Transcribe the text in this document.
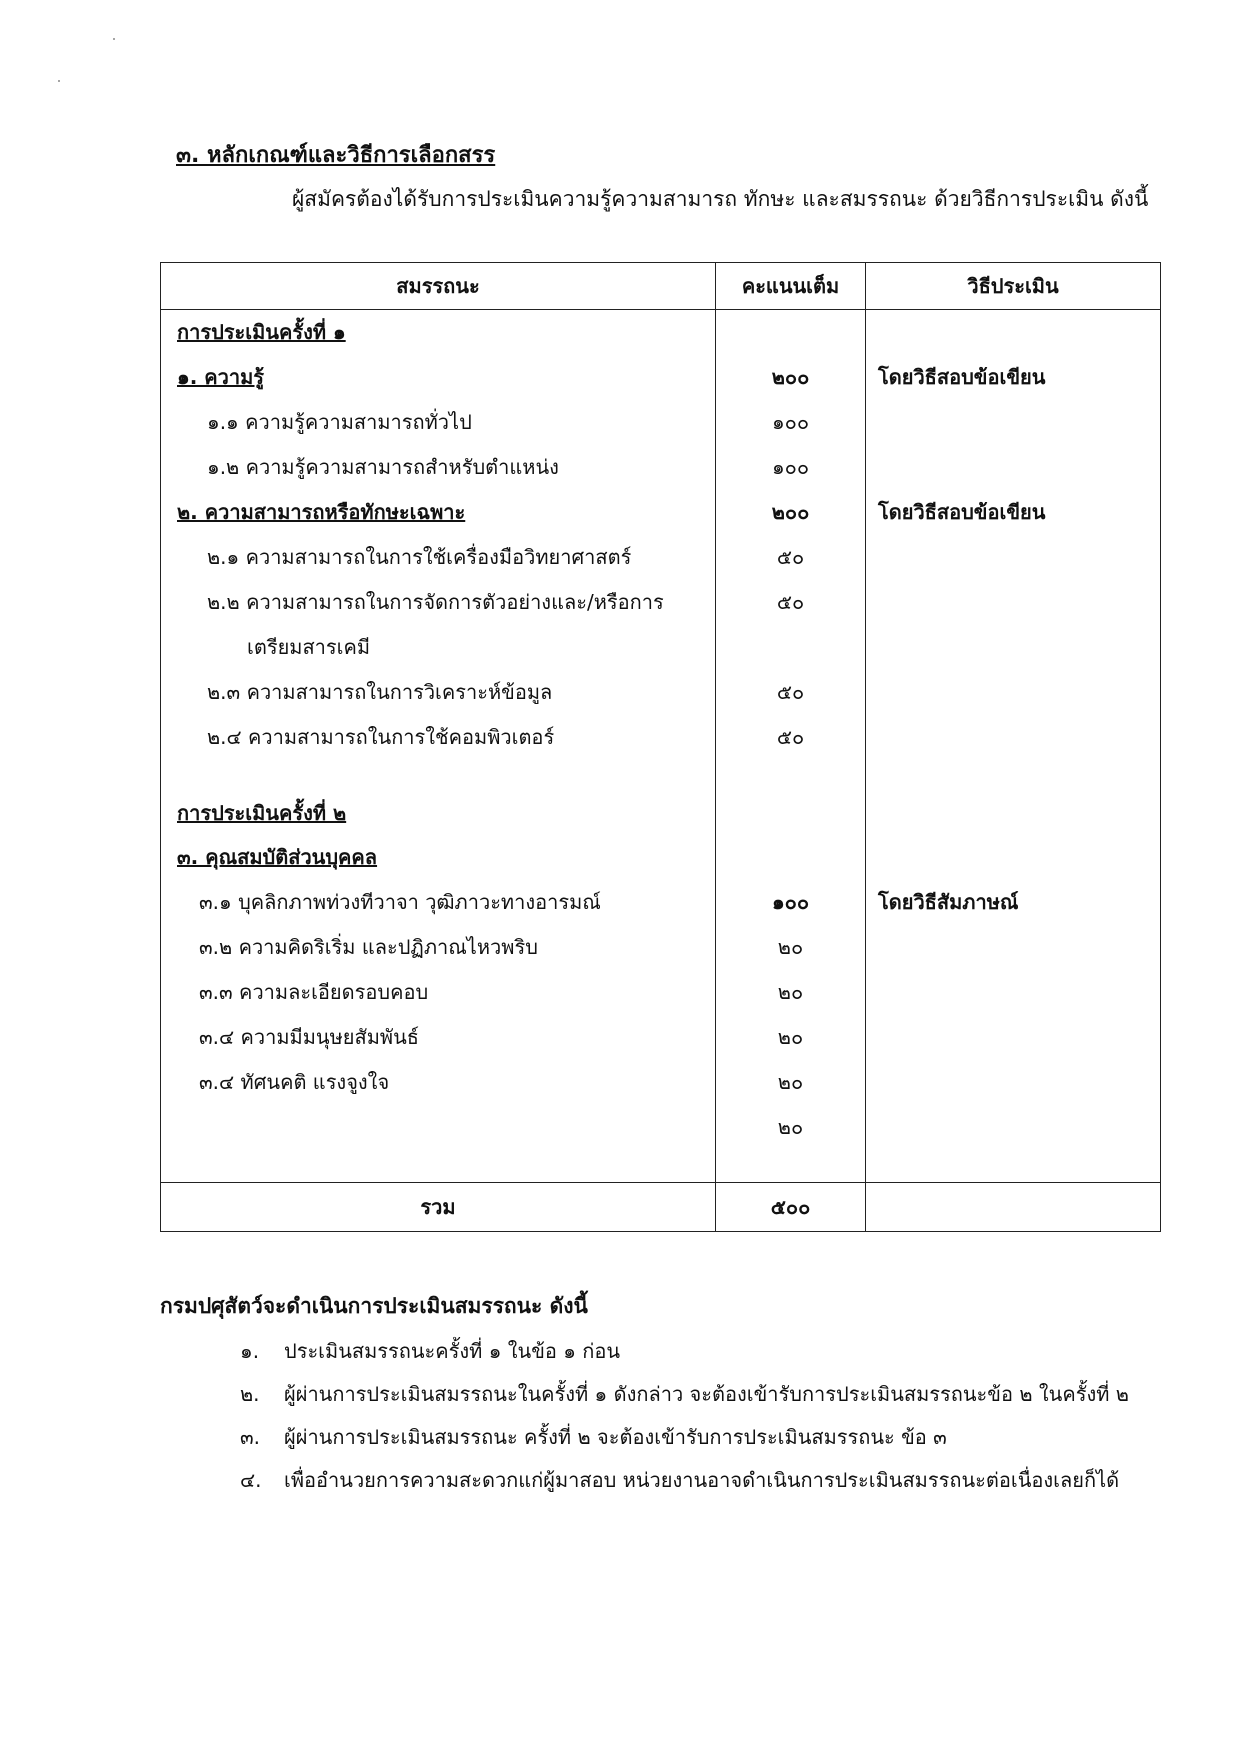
๓. หลักเกณฑ์และวิธีการเลือกสรร
ผู้สมัครต้องได้รับการประเมินความรู้ความสามารถ ทักษะ และสมรรถนะ ด้วยวิธีการประเมิน ดังนี้
สมรรถนะ	คะแนนเต็ม	วิธีประเมิน
การประเมินครั้งที่ ๑		
๑. ความรู้	๒๐๐	โดยวิธีสอบข้อเขียน
๑.๑ ความรู้ความสามารถทั่วไป	๑๐๐	
๑.๒ ความรู้ความสามารถสำหรับตำแหน่ง	๑๐๐	
๒. ความสามารถหรือทักษะเฉพาะ	๒๐๐	โดยวิธีสอบข้อเขียน
๒.๑ ความสามารถในการใช้เครื่องมือวิทยาศาสตร์	๕๐	
๒.๒ ความสามารถในการจัดการตัวอย่างและ/หรือการ	๕๐	
เตรียมสารเคมี		
๒.๓ ความสามารถในการวิเคราะห์ข้อมูล	๕๐	
๒.๔ ความสามารถในการใช้คอมพิวเตอร์	๕๐	

การประเมินครั้งที่ ๒		
๓. คุณสมบัติส่วนบุคคล		
๓.๑ บุคลิกภาพท่วงทีวาจา วุฒิภาวะทางอารมณ์	๑๐๐	โดยวิธีสัมภาษณ์
๓.๒ ความคิดริเริ่ม และปฏิภาณไหวพริบ	๒๐	
๓.๓ ความละเอียดรอบคอบ	๒๐	
๓.๔ ความมีมนุษยสัมพันธ์	๒๐	
๓.๔ ทัศนคติ แรงจูงใจ	๒๐	
	๒๐	

รวม	๕๐๐	
กรมปศุสัตว์จะดำเนินการประเมินสมรรถนะ ดังนี้
๑. ประเมินสมรรถนะครั้งที่ ๑ ในข้อ ๑ ก่อน
๒. ผู้ผ่านการประเมินสมรรถนะในครั้งที่ ๑ ดังกล่าว จะต้องเข้ารับการประเมินสมรรถนะข้อ ๒ ในครั้งที่ ๒
๓. ผู้ผ่านการประเมินสมรรถนะ ครั้งที่ ๒ จะต้องเข้ารับการประเมินสมรรถนะ ข้อ ๓
๔. เพื่ออำนวยการความสะดวกแก่ผู้มาสอบ หน่วยงานอาจดำเนินการประเมินสมรรถนะต่อเนื่องเลยก็ได้
